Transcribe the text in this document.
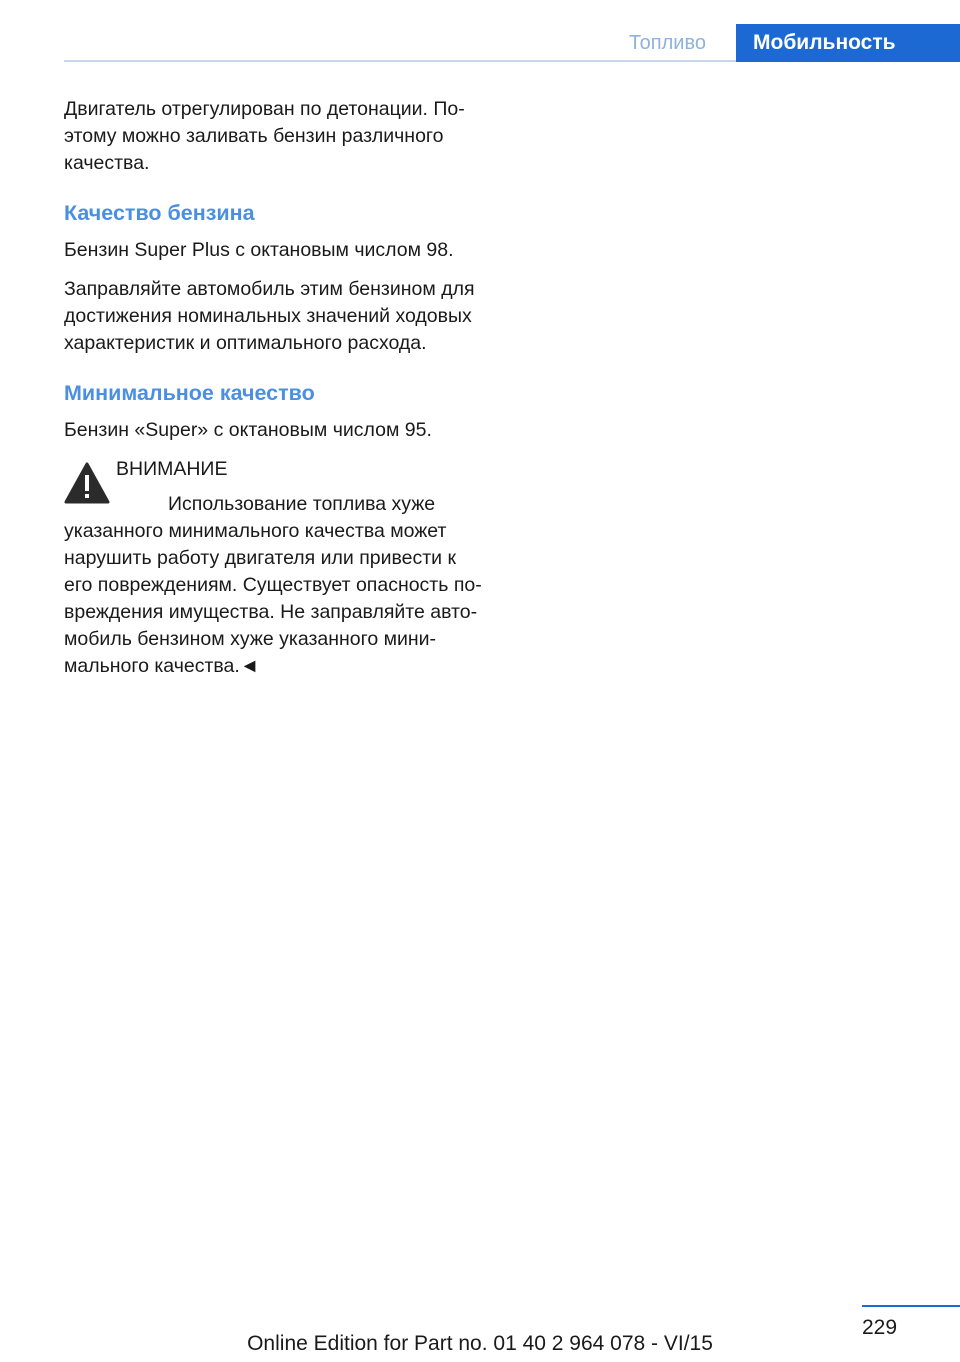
Топливо	Мобильность

Двигатель отрегулирован по детонации. Поэтому можно заливать бензин различного качества.

Качество бензина

Бензин Super Plus с октановым числом 98.

Заправляйте автомобиль этим бензином для достижения номинальных значений ходовых характеристик и оптимального расхода.

Минимальное качество

Бензин «Super» с октановым числом 95.

ВНИМАНИЕ

Использование топлива хуже указанного минимального качества может нарушить работу двигателя или привести к его повреждениям. Существует опасность повреждения имущества. Не заправляйте автомобиль бензином хуже указанного минимального качества.◄

229
Online Edition for Part no. 01 40 2 964 078 - VI/15
